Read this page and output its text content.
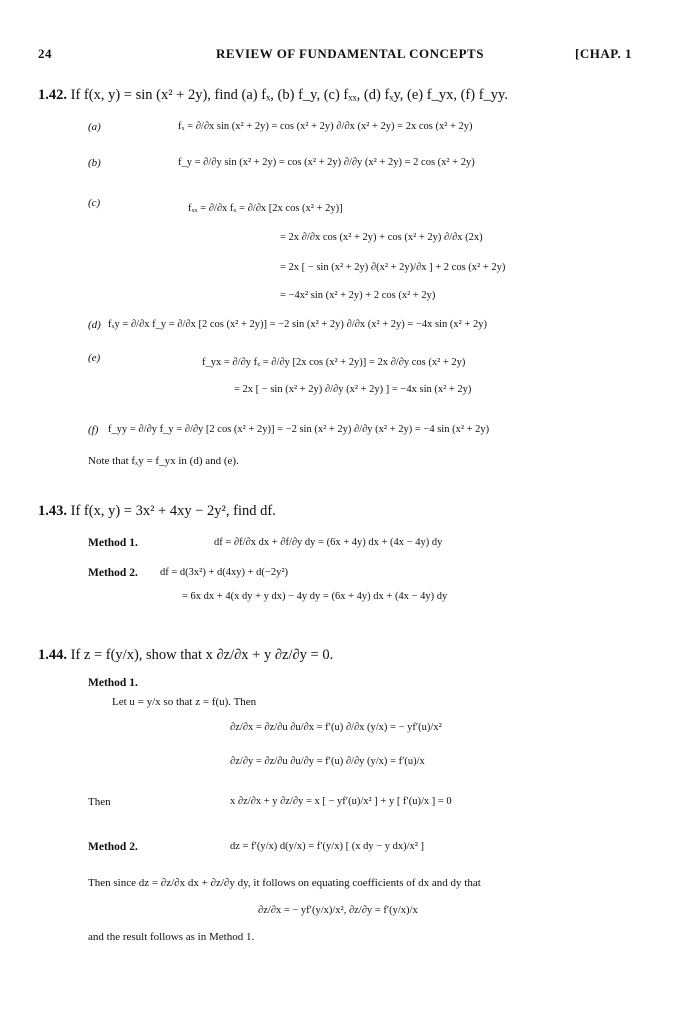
24	REVIEW OF FUNDAMENTAL CONCEPTS	[CHAP. 1
1.42. If f(x, y) = sin (x² + 2y), find (a) fₓ, (b) f_y, (c) fₓₓ, (d) fₓy, (e) f_yx, (f) f_yy.
(a)	fₓ = ∂/∂x sin (x² + 2y) = cos (x² + 2y) ∂/∂x (x² + 2y) = 2x cos (x² + 2y)
(b)	f_y = ∂/∂y sin (x² + 2y) = cos (x² + 2y) ∂/∂y (x² + 2y) = 2 cos (x² + 2y)
(c)	fₓₓ = ∂/∂x fₓ = ∂/∂x [2x cos (x² + 2y)]
= 2x ∂/∂x cos (x² + 2y) + cos (x² + 2y) ∂/∂x (2x)
= 2x [ − sin (x² + 2y) ∂(x² + 2y)/∂x ] + 2 cos (x² + 2y)
= −4x² sin (x² + 2y) + 2 cos (x² + 2y)
(d) fₓy = ∂/∂x f_y = ∂/∂x [2 cos (x² + 2y)] = −2 sin (x² + 2y) ∂/∂x (x² + 2y) = −4x sin (x² + 2y)
(e)	f_yx = ∂/∂y fₓ = ∂/∂y [2x cos (x² + 2y)] = 2x ∂/∂y cos (x² + 2y)
= 2x [ − sin (x² + 2y) ∂/∂y (x² + 2y) ] = −4x sin (x² + 2y)
(f) f_yy = ∂/∂y f_y = ∂/∂y [2 cos (x² + 2y)] = −2 sin (x² + 2y) ∂/∂y (x² + 2y) = −4 sin (x² + 2y)
Note that fₓy = f_yx in (d) and (e).
1.43. If f(x, y) = 3x² + 4xy − 2y², find df.
Method 1.	df = ∂f/∂x dx + ∂f/∂y dy = (6x + 4y) dx + (4x − 4y) dy
Method 2. df = d(3x²) + d(4xy) + d(−2y²)
= 6x dx + 4(x dy + y dx) − 4y dy = (6x + 4y) dx + (4x − 4y) dy
1.44. If z = f(y/x), show that x ∂z/∂x + y ∂z/∂y = 0.
Method 1.
Let u = y/x so that z = f(u). Then
∂z/∂x = ∂z/∂u ∂u/∂x = f′(u) ∂/∂x (y/x) = − yf′(u)/x²
∂z/∂y = ∂z/∂u ∂u/∂y = f′(u) ∂/∂y (y/x) = f′(u)/x
Then	x ∂z/∂x + y ∂z/∂y = x [ − yf′(u)/x² ] + y [ f′(u)/x ] = 0
Method 2.	dz = f′(y/x) d(y/x) = f′(y/x) [ (x dy − y dx)/x² ]
Then since dz = ∂z/∂x dx + ∂z/∂y dy, it follows on equating coefficients of dx and dy that
∂z/∂x = − yf′(y/x)/x², ∂z/∂y = f′(y/x)/x
and the result follows as in Method 1.
